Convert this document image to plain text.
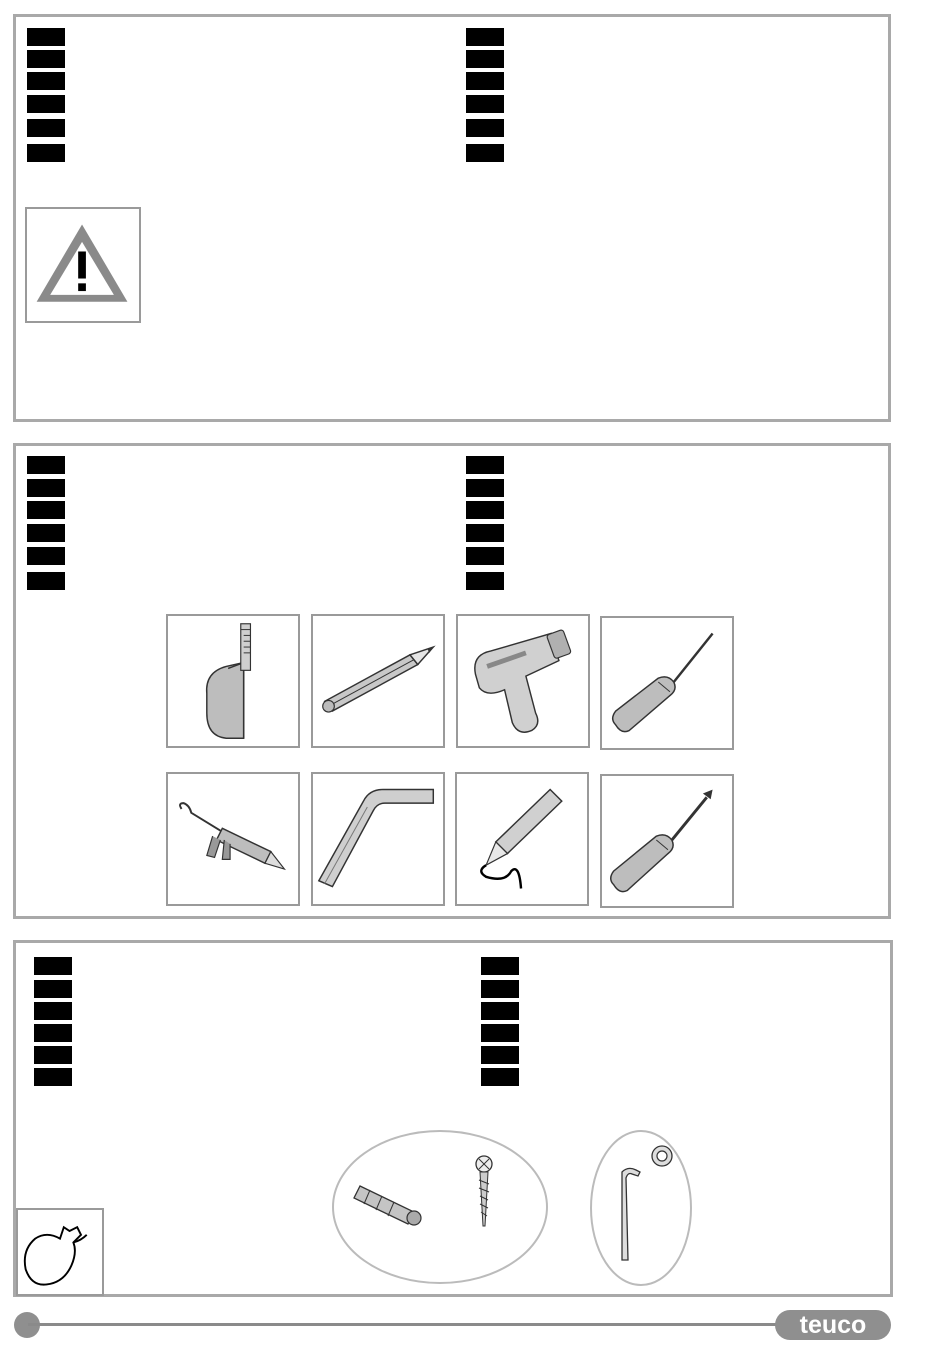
teuco
